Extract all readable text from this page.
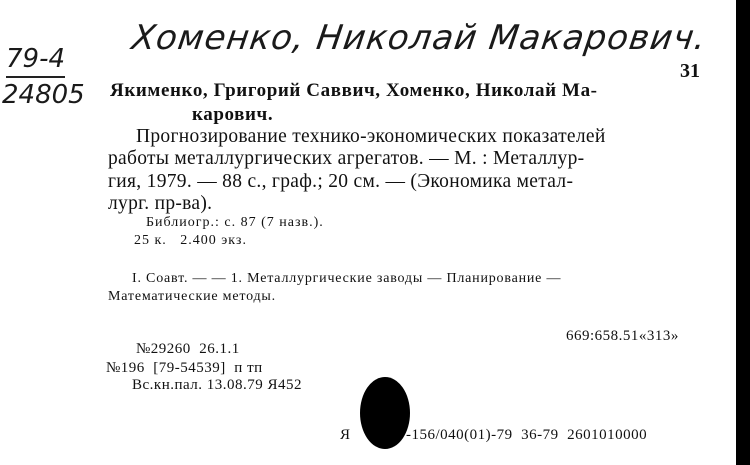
Хоменко, Николай Макарович.
79-4
24805
31
Якименко, Григорий Саввич, Хоменко, Николай Ма-
карович.
Прогнозирование технико-экономических показателей
работы металлургических агрегатов. — М. : Металлур-
гия, 1979. — 88 с., граф.; 20 см. — (Экономика метал-
лург. пр-ва).
Библиогр.: с. 87 (7 назв.).
25 к.   2.400 экз.
I. Соавт. — — 1. Металлургические заводы — Планирование —
Математические методы.
669:658.51«313»
№29260  26.1.1
№196  [79-54539]  п тп
Вс.кн.пал. 13.08.79 Я452
Я	-156/040(01)-79  36-79  2601010000
